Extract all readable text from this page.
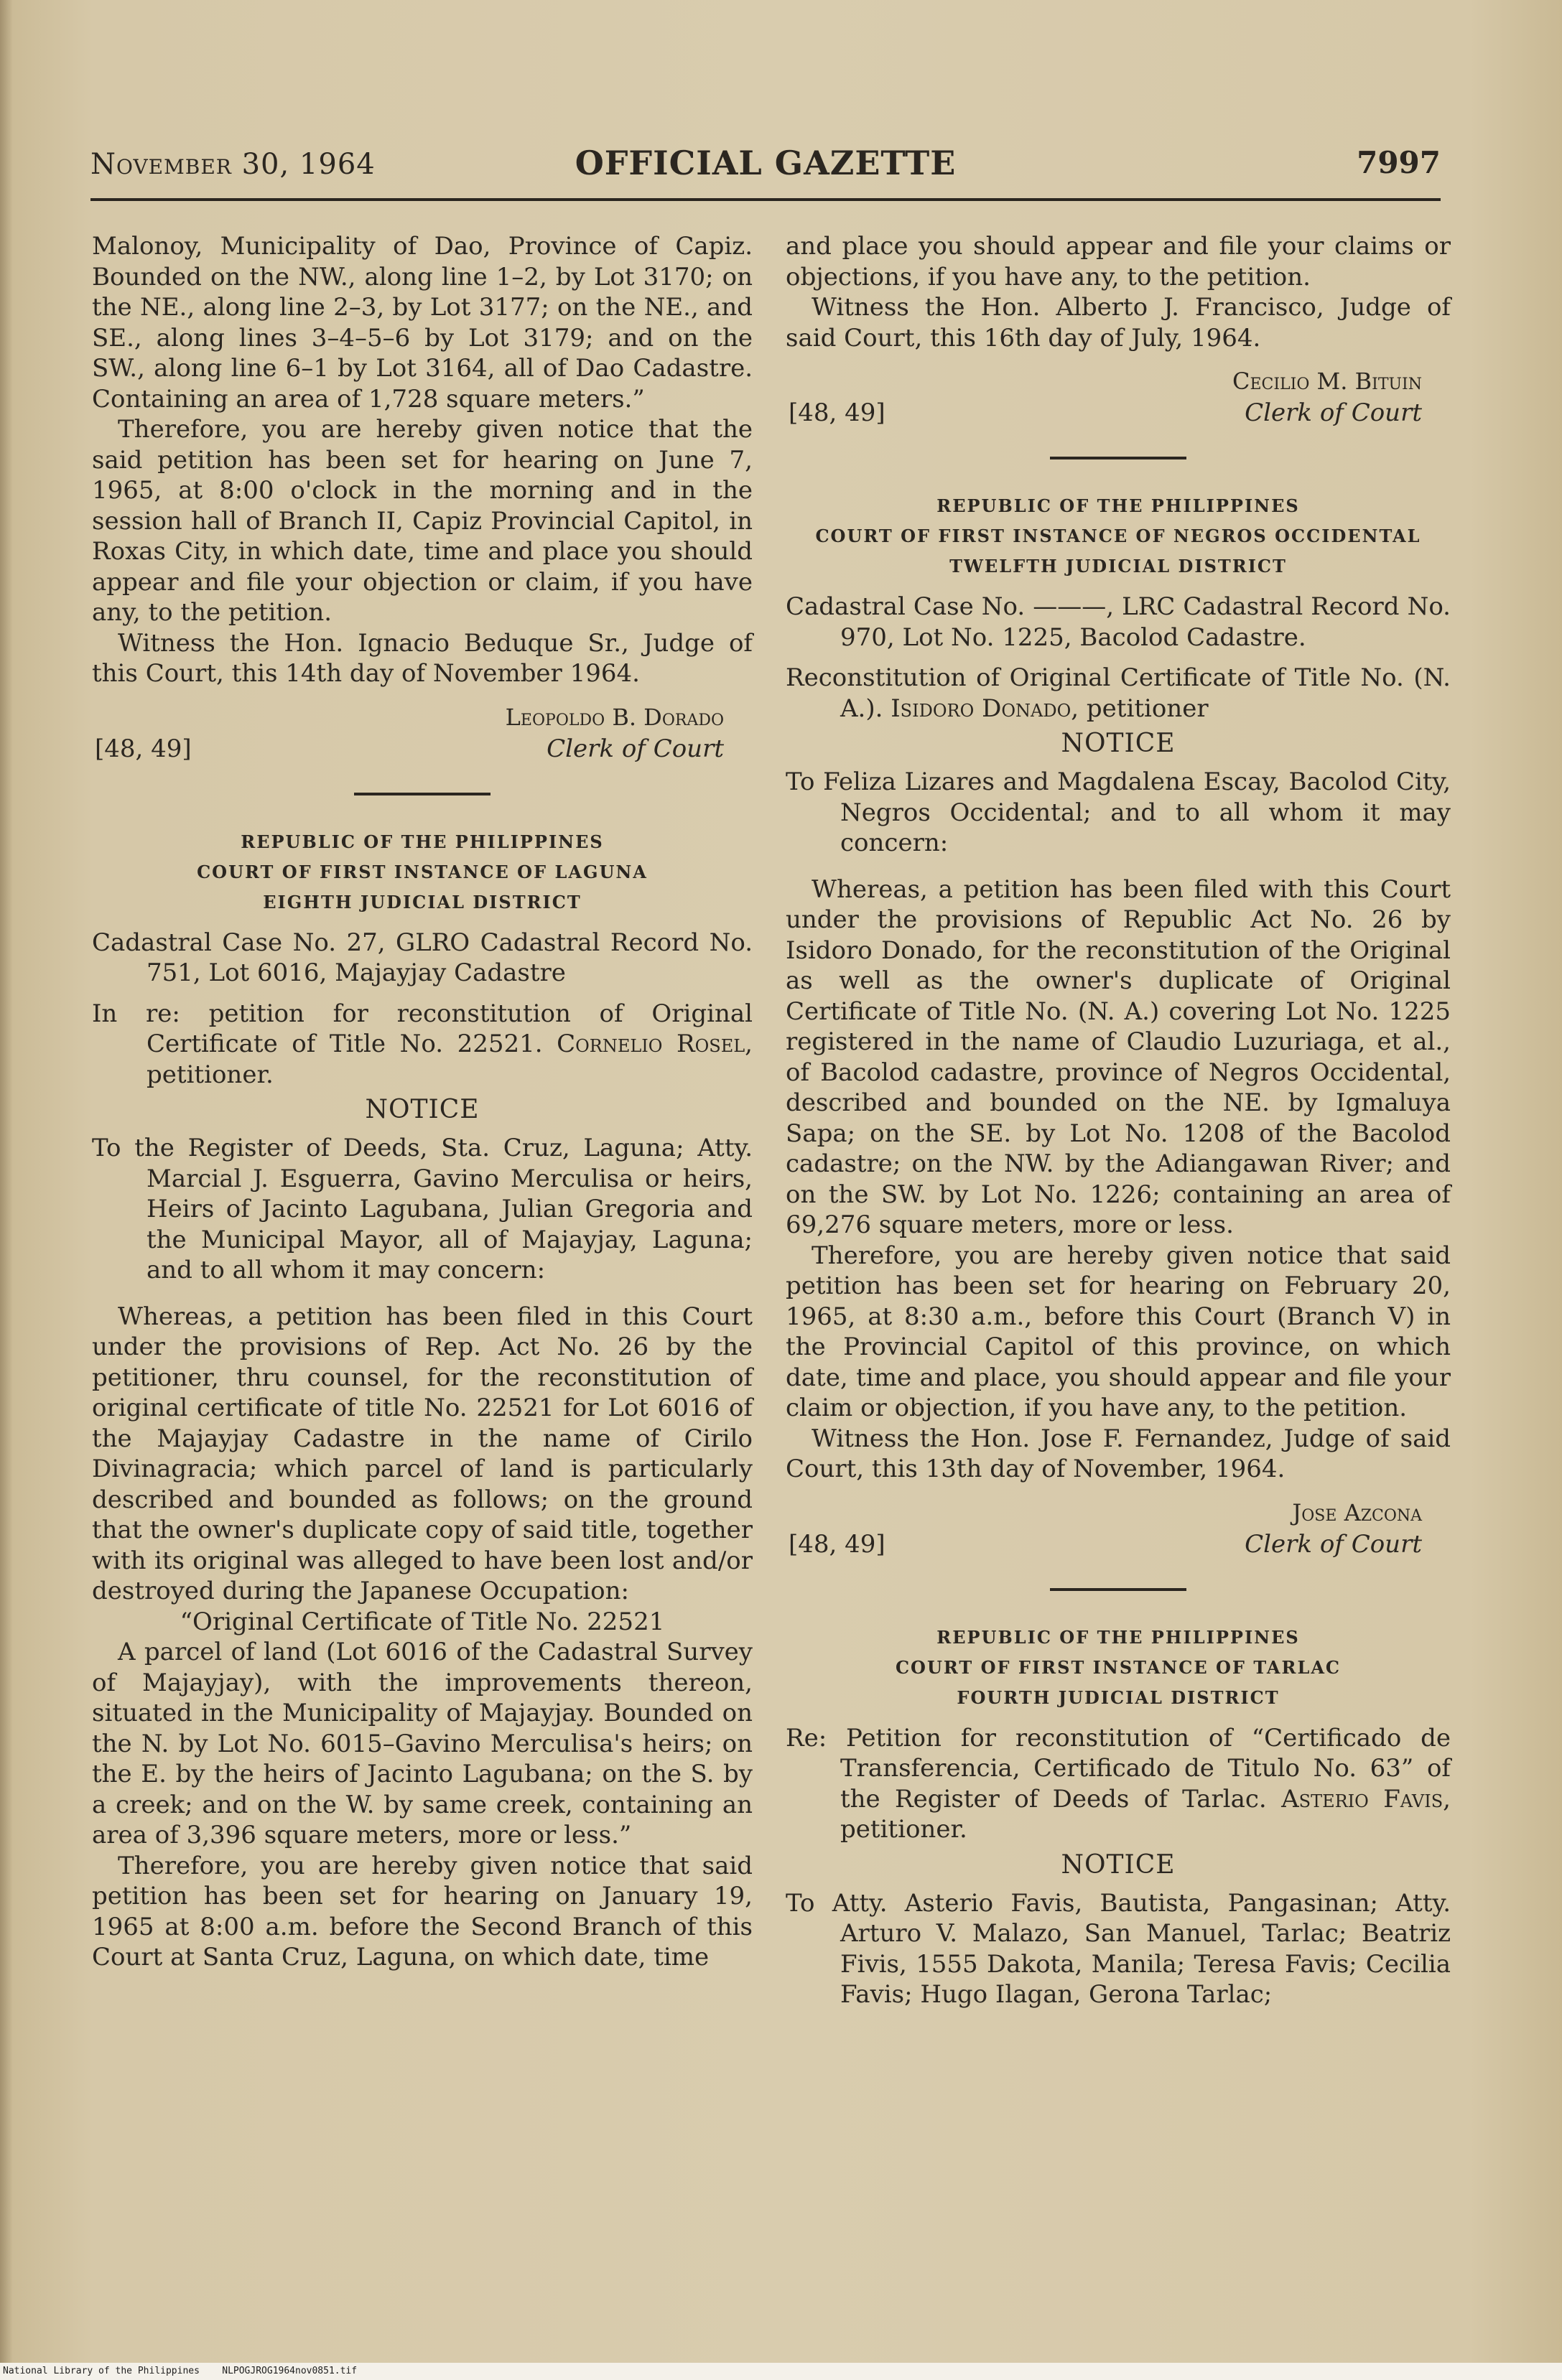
November 30, 1964	OFFICIAL GAZETTE	7997

Malonoy, Municipality of Dao, Province of Capiz. Bounded on the NW., along line 1–2, by Lot 3170; on the NE., along line 2–3, by Lot 3177; on the NE., and SE., along lines 3–4–5–6 by Lot 3179; and on the SW., along line 6–1 by Lot 3164, all of Dao Cadastre. Containing an area of 1,728 square meters.”

Therefore, you are hereby given notice that the said petition has been set for hearing on June 7, 1965, at 8:00 o'clock in the morning and in the session hall of Branch II, Capiz Provincial Capitol, in Roxas City, in which date, time and place you should appear and file your objection or claim, if you have any, to the petition.

Witness the Hon. Ignacio Beduque Sr., Judge of this Court, this 14th day of November 1964.

Leopoldo B. Dorado
[48, 49]	Clerk of Court
REPUBLIC OF THE PHILIPPINES
COURT OF FIRST INSTANCE OF LAGUNA
EIGHTH JUDICIAL DISTRICT

Cadastral Case No. 27, GLRO Cadastral Record No. 751, Lot 6016, Majayjay Cadastre

In re: petition for reconstitution of Original Certificate of Title No. 22521. Cornelio Rosel, petitioner.

NOTICE

To the Register of Deeds, Sta. Cruz, Laguna; Atty. Marcial J. Esguerra, Gavino Merculisa or heirs, Heirs of Jacinto Lagubana, Julian Gregoria and the Municipal Mayor, all of Majayjay, Laguna; and to all whom it may concern:

Whereas, a petition has been filed in this Court under the provisions of Rep. Act No. 26 by the petitioner, thru counsel, for the reconstitution of original certificate of title No. 22521 for Lot 6016 of the Majayjay Cadastre in the name of Cirilo Divinagracia; which parcel of land is particularly described and bounded as follows; on the ground that the owner's duplicate copy of said title, together with its original was alleged to have been lost and/or destroyed during the Japanese Occupation:

“Original Certificate of Title No. 22521

A parcel of land (Lot 6016 of the Cadastral Survey of Majayjay), with the improvements thereon, situated in the Municipality of Majayjay. Bounded on the N. by Lot No. 6015–Gavino Merculisa's heirs; on the E. by the heirs of Jacinto Lagubana; on the S. by a creek; and on the W. by same creek, containing an area of 3,396 square meters, more or less.”

Therefore, you are hereby given notice that said petition has been set for hearing on January 19, 1965 at 8:00 a.m. before the Second Branch of this Court at Santa Cruz, Laguna, on which date, time

and place you should appear and file your claims or objections, if you have any, to the petition.

Witness the Hon. Alberto J. Francisco, Judge of said Court, this 16th day of July, 1964.

Cecilio M. Bituin
[48, 49]	Clerk of Court
REPUBLIC OF THE PHILIPPINES
COURT OF FIRST INSTANCE OF NEGROS OCCIDENTAL
TWELFTH JUDICIAL DISTRICT

Cadastral Case No. ———, LRC Cadastral Record No. 970, Lot No. 1225, Bacolod Cadastre.

Reconstitution of Original Certificate of Title No. (N. A.). Isidoro Donado, petitioner

NOTICE

To Feliza Lizares and Magdalena Escay, Bacolod City, Negros Occidental; and to all whom it may concern:

Whereas, a petition has been filed with this Court under the provisions of Republic Act No. 26 by Isidoro Donado, for the reconstitution of the Original as well as the owner's duplicate of Original Certificate of Title No. (N. A.) covering Lot No. 1225 registered in the name of Claudio Luzuriaga, et al., of Bacolod cadastre, province of Negros Occidental, described and bounded on the NE. by Igmaluya Sapa; on the SE. by Lot No. 1208 of the Bacolod cadastre; on the NW. by the Adiangawan River; and on the SW. by Lot No. 1226; containing an area of 69,276 square meters, more or less.

Therefore, you are hereby given notice that said petition has been set for hearing on February 20, 1965, at 8:30 a.m., before this Court (Branch V) in the Provincial Capitol of this province, on which date, time and place, you should appear and file your claim or objection, if you have any, to the petition.

Witness the Hon. Jose F. Fernandez, Judge of said Court, this 13th day of November, 1964.

Jose Azcona
[48, 49]	Clerk of Court
REPUBLIC OF THE PHILIPPINES
COURT OF FIRST INSTANCE OF TARLAC
FOURTH JUDICIAL DISTRICT

Re: Petition for reconstitution of “Certificado de Transferencia, Certificado de Titulo No. 63” of the Register of Deeds of Tarlac. Asterio Favis, petitioner.

NOTICE

To Atty. Asterio Favis, Bautista, Pangasinan; Atty. Arturo V. Malazo, San Manuel, Tarlac; Beatriz Fivis, 1555 Dakota, Manila; Teresa Favis; Cecilia Favis; Hugo Ilagan, Gerona Tarlac;

National Library of the Philippines NLPOGJROG1964nov0851.tif
